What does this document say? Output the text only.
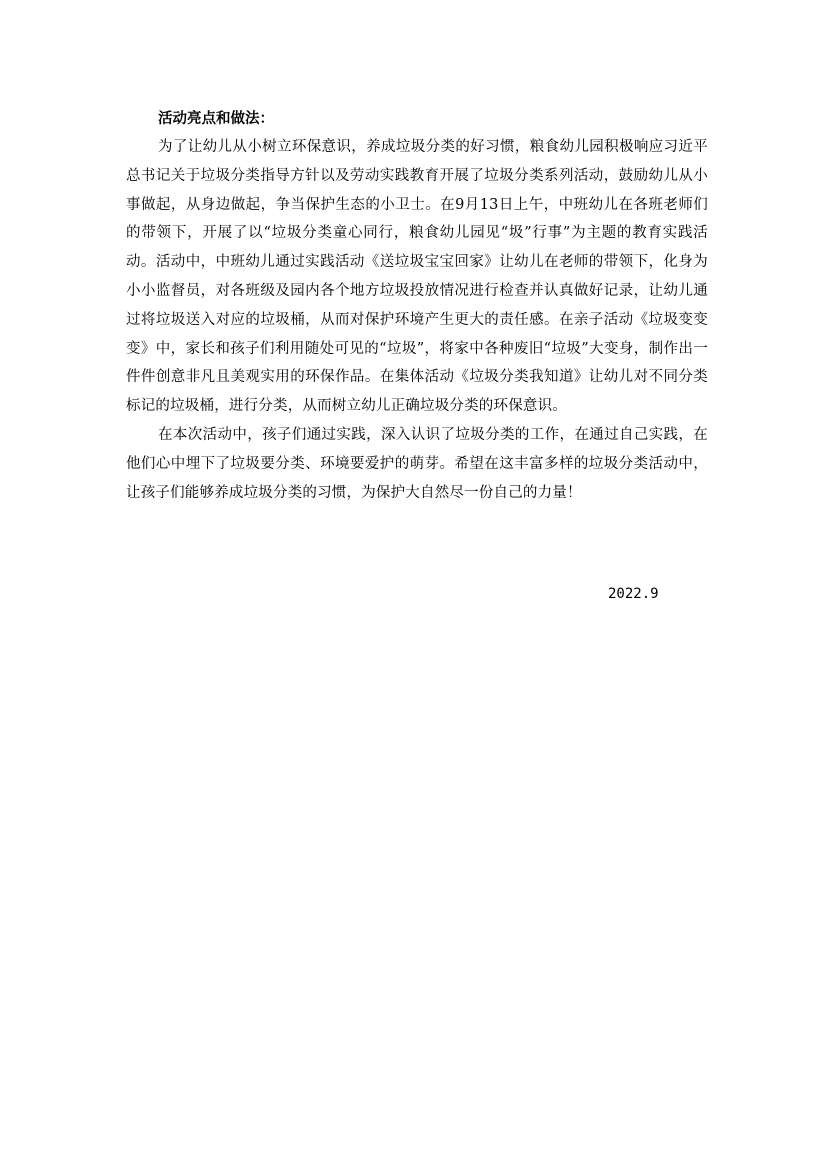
活动亮点和做法：

为了让幼儿从小树立环保意识，养成垃圾分类的好习惯，粮食幼儿园积极响应习近平总书记关于垃圾分类指导方针以及劳动实践教育开展了垃圾分类系列活动，鼓励幼儿从小事做起，从身边做起，争当保护生态的小卫士。在9月13日上午，中班幼儿在各班老师们的带领下，开展了以“垃圾分类童心同行，粮食幼儿园见“圾”行事”为主题的教育实践活动。活动中，中班幼儿通过实践活动《送垃圾宝宝回家》让幼儿在老师的带领下，化身为小小监督员，对各班级及园内各个地方垃圾投放情况进行检查并认真做好记录，让幼儿通过将垃圾送入对应的垃圾桶，从而对保护环境产生更大的责任感。在亲子活动《垃圾变变变》中，家长和孩子们利用随处可见的“垃圾”，将家中各种废旧“垃圾”大变身，制作出一件件创意非凡且美观实用的环保作品。在集体活动《垃圾分类我知道》让幼儿对不同分类标记的垃圾桶，进行分类，从而树立幼儿正确垃圾分类的环保意识。

在本次活动中，孩子们通过实践，深入认识了垃圾分类的工作，在通过自己实践，在他们心中埋下了垃圾要分类、环境要爱护的萌芽。希望在这丰富多样的垃圾分类活动中，让孩子们能够养成垃圾分类的习惯，为保护大自然尽一份自己的力量！

2022.9
